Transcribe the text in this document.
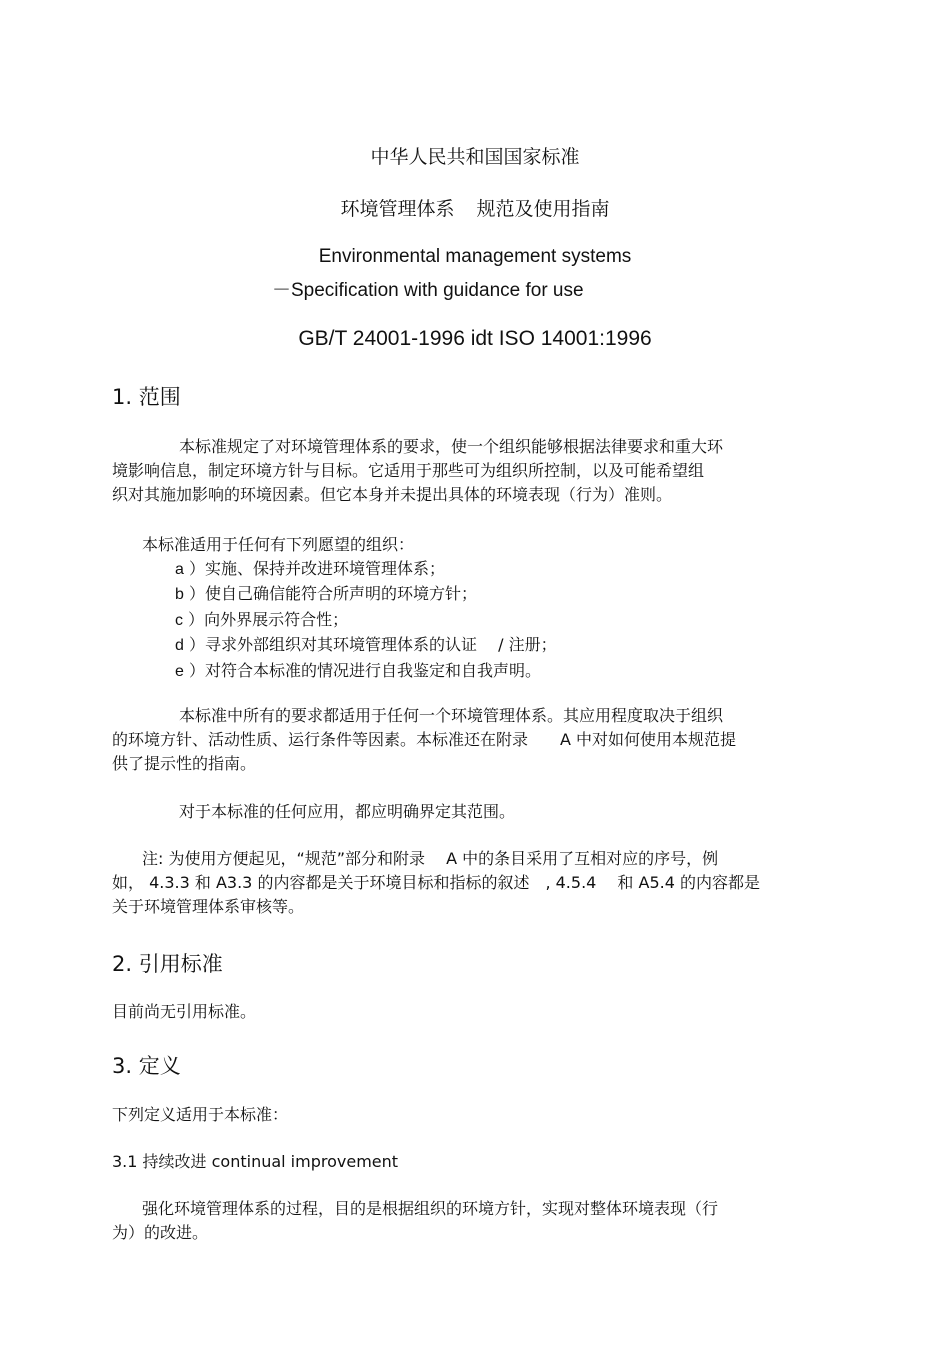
中华人民共和国国家标准
环境管理体系 规范及使用指南
Environmental management systems
－Specification with guidance for use
GB/T 24001-1996 idt ISO 14001:1996
1. 范围
本标准规定了对环境管理体系的要求，使一个组织能够根据法律要求和重大环
境影响信息，制定环境方针与目标。它适用于那些可为组织所控制，以及可能希望组
织对其施加影响的环境因素。但它本身并未提出具体的环境表现（行为）准则。
本标准适用于任何有下列愿望的组织：
a ）实施、保持并改进环境管理体系；
b ）使自己确信能符合所声明的环境方针；
c ）向外界展示符合性；
d ）寻求外部组织对其环境管理体系的认证　 / 注册；
e ）对符合本标准的情况进行自我鉴定和自我声明。
本标准中所有的要求都适用于任何一个环境管理体系。其应用程度取决于组织
的环境方针、活动性质、运行条件等因素。本标准还在附录　　A 中对如何使用本规范提
供了提示性的指南。
对于本标准的任何应用，都应明确界定其范围。
注: 为使用方便起见，“规范”部分和附录　 A 中的条目采用了互相对应的序号，例
如， 4.3.3 和 A3.3 的内容都是关于环境目标和指标的叙述　, 4.5.4 　和 A5.4 的内容都是
关于环境管理体系审核等。
2. 引用标准
目前尚无引用标准。
3. 定义
下列定义适用于本标准：
3.1 持续改进 continual improvement
强化环境管理体系的过程，目的是根据组织的环境方针，实现对整体环境表现（行
为）的改进。
